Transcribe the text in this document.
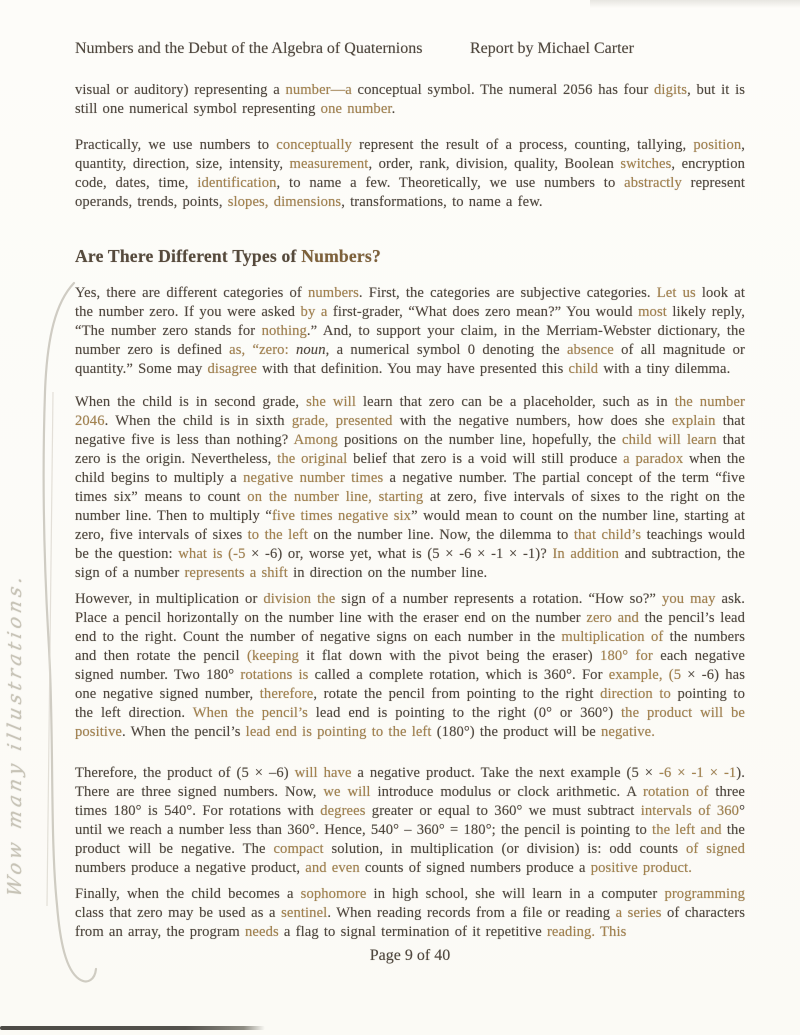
Wow many illustrations.
Numbers and the Debut of the Algebra of Quaternions	Report by Michael Carter

visual or auditory) representing a number—a conceptual symbol. The numeral 2056 has four digits, but it is still one numerical symbol representing one number.

Practically, we use numbers to conceptually represent the result of a process, counting, tallying, position, quantity, direction, size, intensity, measurement, order, rank, division, quality, Boolean switches, encryption code, dates, time, identification, to name a few. Theoretically, we use numbers to abstractly represent operands, trends, points, slopes, dimensions, transformations, to name a few.

Are There Different Types of Numbers?

Yes, there are different categories of numbers. First, the categories are subjective categories. Let us look at the number zero. If you were asked by a first-grader, “What does zero mean?” You would most likely reply, “The number zero stands for nothing.” And, to support your claim, in the Merriam-Webster dictionary, the number zero is defined as, “zero: noun, a numerical symbol 0 denoting the absence of all magnitude or quantity.” Some may disagree with that definition. You may have presented this child with a tiny dilemma.

When the child is in second grade, she will learn that zero can be a placeholder, such as in the number 2046. When the child is in sixth grade, presented with the negative numbers, how does she explain that negative five is less than nothing? Among positions on the number line, hopefully, the child will learn that zero is the origin. Nevertheless, the original belief that zero is a void will still produce a paradox when the child begins to multiply a negative number times a negative number. The partial concept of the term “five times six” means to count on the number line, starting at zero, five intervals of sixes to the right on the number line. Then to multiply “five times negative six” would mean to count on the number line, starting at zero, five intervals of sixes to the left on the number line. Now, the dilemma to that child’s teachings would be the question: what is (-5 × -6) or, worse yet, what is (5 × -6 × -1 × -1)? In addition and subtraction, the sign of a number represents a shift in direction on the number line.

However, in multiplication or division the sign of a number represents a rotation. “How so?” you may ask. Place a pencil horizontally on the number line with the eraser end on the number zero and the pencil’s lead end to the right. Count the number of negative signs on each number in the multiplication of the numbers and then rotate the pencil (keeping it flat down with the pivot being the eraser) 180° for each negative signed number. Two 180° rotations is called a complete rotation, which is 360°. For example, (5 × -6) has one negative signed number, therefore, rotate the pencil from pointing to the right direction to pointing to the left direction. When the pencil’s lead end is pointing to the right (0° or 360°) the product will be positive. When the pencil’s lead end is pointing to the left (180°) the product will be negative.

Therefore, the product of (5 × –6) will have a negative product. Take the next example (5 × -6 × -1 × -1). There are three signed numbers. Now, we will introduce modulus or clock arithmetic. A rotation of three times 180° is 540°. For rotations with degrees greater or equal to 360° we must subtract intervals of 360° until we reach a number less than 360°. Hence, 540° – 360° = 180°; the pencil is pointing to the left and the product will be negative. The compact solution, in multiplication (or division) is: odd counts of signed numbers produce a negative product, and even counts of signed numbers produce a positive product.

Finally, when the child becomes a sophomore in high school, she will learn in a computer programming class that zero may be used as a sentinel. When reading records from a file or reading a series of characters from an array, the program needs a flag to signal termination of it repetitive reading. This

Page 9 of 40
